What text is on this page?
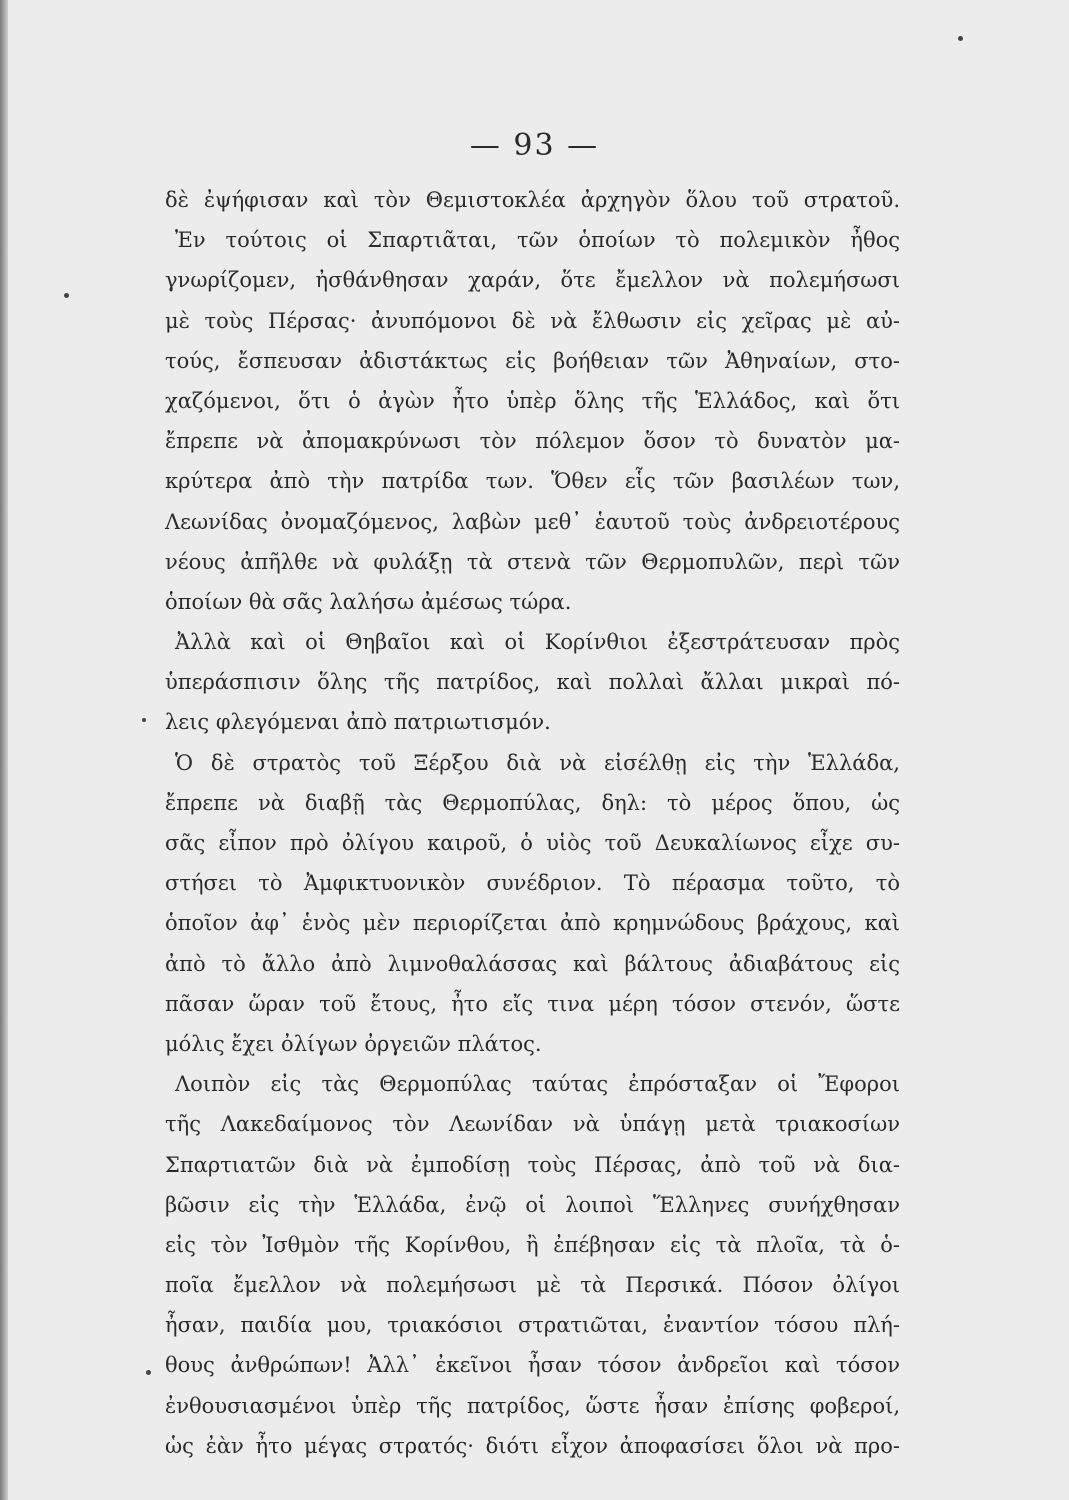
— 93 —
δὲ ἐψήφισαν καὶ τὸν Θεμιστοκλέα ἀρχηγὸν ὅλου τοῦ στρατοῦ.
Ἐν τούτοις οἱ Σπαρτιᾶται, τῶν ὁποίων τὸ πολεμικὸν ἦθος
γνωρίζομεν, ἠσθάνθησαν χαράν, ὅτε ἔμελλον νὰ πολεμήσωσι
μὲ τοὺς Πέρσας· ἀνυπόμονοι δὲ νὰ ἔλθωσιν εἰς χεῖρας μὲ αὐ-
τούς, ἔσπευσαν ἀδιστάκτως εἰς βοήθειαν τῶν Ἀθηναίων, στο-
χαζόμενοι, ὅτι ὁ ἀγὼν ἦτο ὑπὲρ ὅλης τῆς Ἑλλάδος, καὶ ὅτι
ἔπρεπε νὰ ἀπομακρύνωσι τὸν πόλεμον ὅσον τὸ δυνατὸν μα-
κρύτερα ἀπὸ τὴν πατρίδα των. Ὅθεν εἷς τῶν βασιλέων των,
Λεωνίδας ὀνομαζόμενος, λαβὼν μεθ᾽ ἑαυτοῦ τοὺς ἀνδρειοτέρους
νέους ἀπῆλθε νὰ φυλάξῃ τὰ στενὰ τῶν Θερμοπυλῶν, περὶ τῶν
ὁποίων θὰ σᾶς λαλήσω ἀμέσως τώρα.
Ἀλλὰ καὶ οἱ Θηβαῖοι καὶ οἱ Κορίνθιοι ἐξεστράτευσαν πρὸς
ὑπεράσπισιν ὅλης τῆς πατρίδος, καὶ πολλαὶ ἄλλαι μικραὶ πό-
λεις φλεγόμεναι ἀπὸ πατριωτισμόν.
Ὁ δὲ στρατὸς τοῦ Ξέρξου διὰ νὰ εἰσέλθῃ εἰς τὴν Ἑλλάδα,
ἔπρεπε νὰ διαβῇ τὰς Θερμοπύλας, δηλ: τὸ μέρος ὅπου, ὡς
σᾶς εἶπον πρὸ ὀλίγου καιροῦ, ὁ υἱὸς τοῦ Δευκαλίωνος εἶχε συ-
στήσει τὸ Ἀμφικτυονικὸν συνέδριον. Τὸ πέρασμα τοῦτο, τὸ
ὁποῖον ἀφ᾽ ἑνὸς μὲν περιορίζεται ἀπὸ κρημνώδους βράχους, καὶ
ἀπὸ τὸ ἄλλο ἀπὸ λιμνοθαλάσσας καὶ βάλτους ἀδιαβάτους εἰς
πᾶσαν ὥραν τοῦ ἔτους, ἦτο εἴς τινα μέρη τόσον στενόν, ὥστε
μόλις ἔχει ὀλίγων ὀργειῶν πλάτος.
Λοιπὸν εἰς τὰς Θερμοπύλας ταύτας ἐπρόσταξαν οἱ Ἔφοροι
τῆς Λακεδαίμονος τὸν Λεωνίδαν νὰ ὑπάγῃ μετὰ τριακοσίων
Σπαρτιατῶν διὰ νὰ ἐμποδίσῃ τοὺς Πέρσας, ἀπὸ τοῦ νὰ δια-
βῶσιν εἰς τὴν Ἑλλάδα, ἐνῷ οἱ λοιποὶ Ἕλληνες συνήχθησαν
εἰς τὸν Ἰσθμὸν τῆς Κορίνθου, ἢ ἐπέβησαν εἰς τὰ πλοῖα, τὰ ὁ-
ποῖα ἔμελλον νὰ πολεμήσωσι μὲ τὰ Περσικά. Πόσον ὀλίγοι
ἦσαν, παιδία μου, τριακόσιοι στρατιῶται, ἐναντίον τόσου πλή-
θους ἀνθρώπων! Ἀλλ᾽ ἐκεῖνοι ἦσαν τόσον ἀνδρεῖοι καὶ τόσον
ἐνθουσιασμένοι ὑπὲρ τῆς πατρίδος, ὥστε ἦσαν ἐπίσης φοβεροί,
ὡς ἐὰν ἦτο μέγας στρατός· διότι εἶχον ἀποφασίσει ὅλοι νὰ προ-
